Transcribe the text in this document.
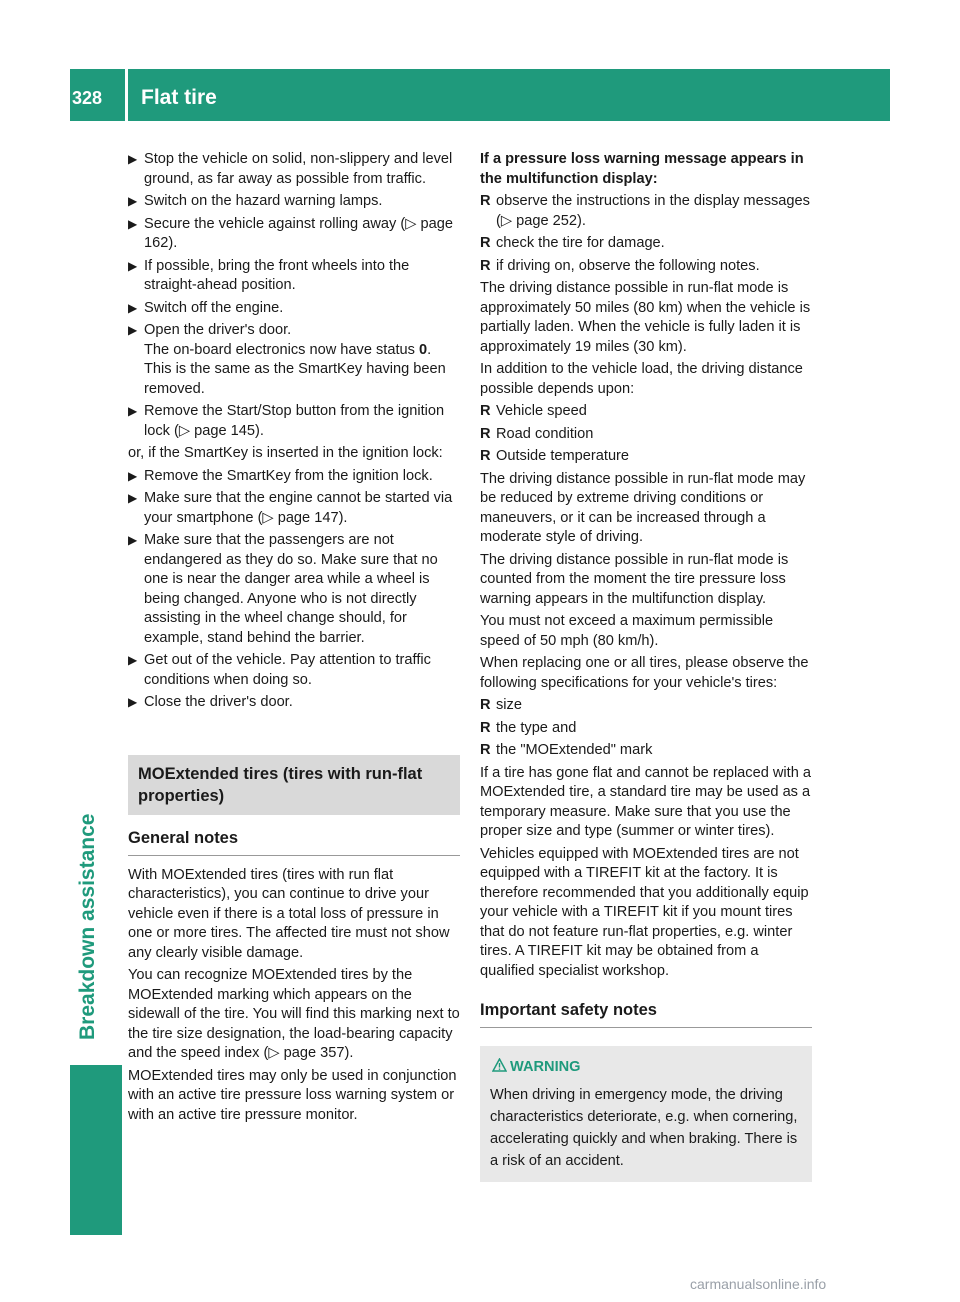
328	Flat tire
Breakdown assistance
▶ Stop the vehicle on solid, non-slippery and level ground, as far away as possible from traffic.
▶ Switch on the hazard warning lamps.
▶ Secure the vehicle against rolling away (▷ page 162).
▶ If possible, bring the front wheels into the straight-ahead position.
▶ Switch off the engine.
▶ Open the driver's door.
The on-board electronics now have status 0. This is the same as the SmartKey having been removed.
▶ Remove the Start/Stop button from the ignition lock (▷ page 145).

or, if the SmartKey is inserted in the ignition lock:

▶ Remove the SmartKey from the ignition lock.
▶ Make sure that the engine cannot be started via your smartphone (▷ page 147).
▶ Make sure that the passengers are not endangered as they do so. Make sure that no one is near the danger area while a wheel is being changed. Anyone who is not directly assisting in the wheel change should, for example, stand behind the barrier.
▶ Get out of the vehicle. Pay attention to traffic conditions when doing so.
▶ Close the driver's door.
MOExtended tires (tires with run-flat properties)
General notes

With MOExtended tires (tires with run flat characteristics), you can continue to drive your vehicle even if there is a total loss of pressure in one or more tires. The affected tire must not show any clearly visible damage.

You can recognize MOExtended tires by the MOExtended marking which appears on the sidewall of the tire. You will find this marking next to the tire size designation, the load-bearing capacity and the speed index (▷ page 357).

MOExtended tires may only be used in conjunction with an active tire pressure loss warning system or with an active tire pressure monitor.

If a pressure loss warning message appears in the multifunction display:
R observe the instructions in the display messages (▷ page 252).
R check the tire for damage.
R if driving on, observe the following notes.

The driving distance possible in run-flat mode is approximately 50 miles (80 km) when the vehicle is partially laden. When the vehicle is fully laden it is approximately 19 miles (30 km).

In addition to the vehicle load, the driving distance possible depends upon:

R Vehicle speed
R Road condition
R Outside temperature

The driving distance possible in run-flat mode may be reduced by extreme driving conditions or maneuvers, or it can be increased through a moderate style of driving.

The driving distance possible in run-flat mode is counted from the moment the tire pressure loss warning appears in the multifunction display.

You must not exceed a maximum permissible speed of 50 mph (80 km/h).

When replacing one or all tires, please observe the following specifications for your vehicle's tires:

R size
R the type and
R the "MOExtended" mark

If a tire has gone flat and cannot be replaced with a MOExtended tire, a standard tire may be used as a temporary measure. Make sure that you use the proper size and type (summer or winter tires).

Vehicles equipped with MOExtended tires are not equipped with a TIREFIT kit at the factory. It is therefore recommended that you additionally equip your vehicle with a TIREFIT kit if you mount tires that do not feature run-flat properties, e.g. winter tires. A TIREFIT kit may be obtained from a qualified specialist workshop.

Important safety notes
WARNING
When driving in emergency mode, the driving characteristics deteriorate, e.g. when cornering, accelerating quickly and when braking. There is a risk of an accident.
carmanualsonline.info
